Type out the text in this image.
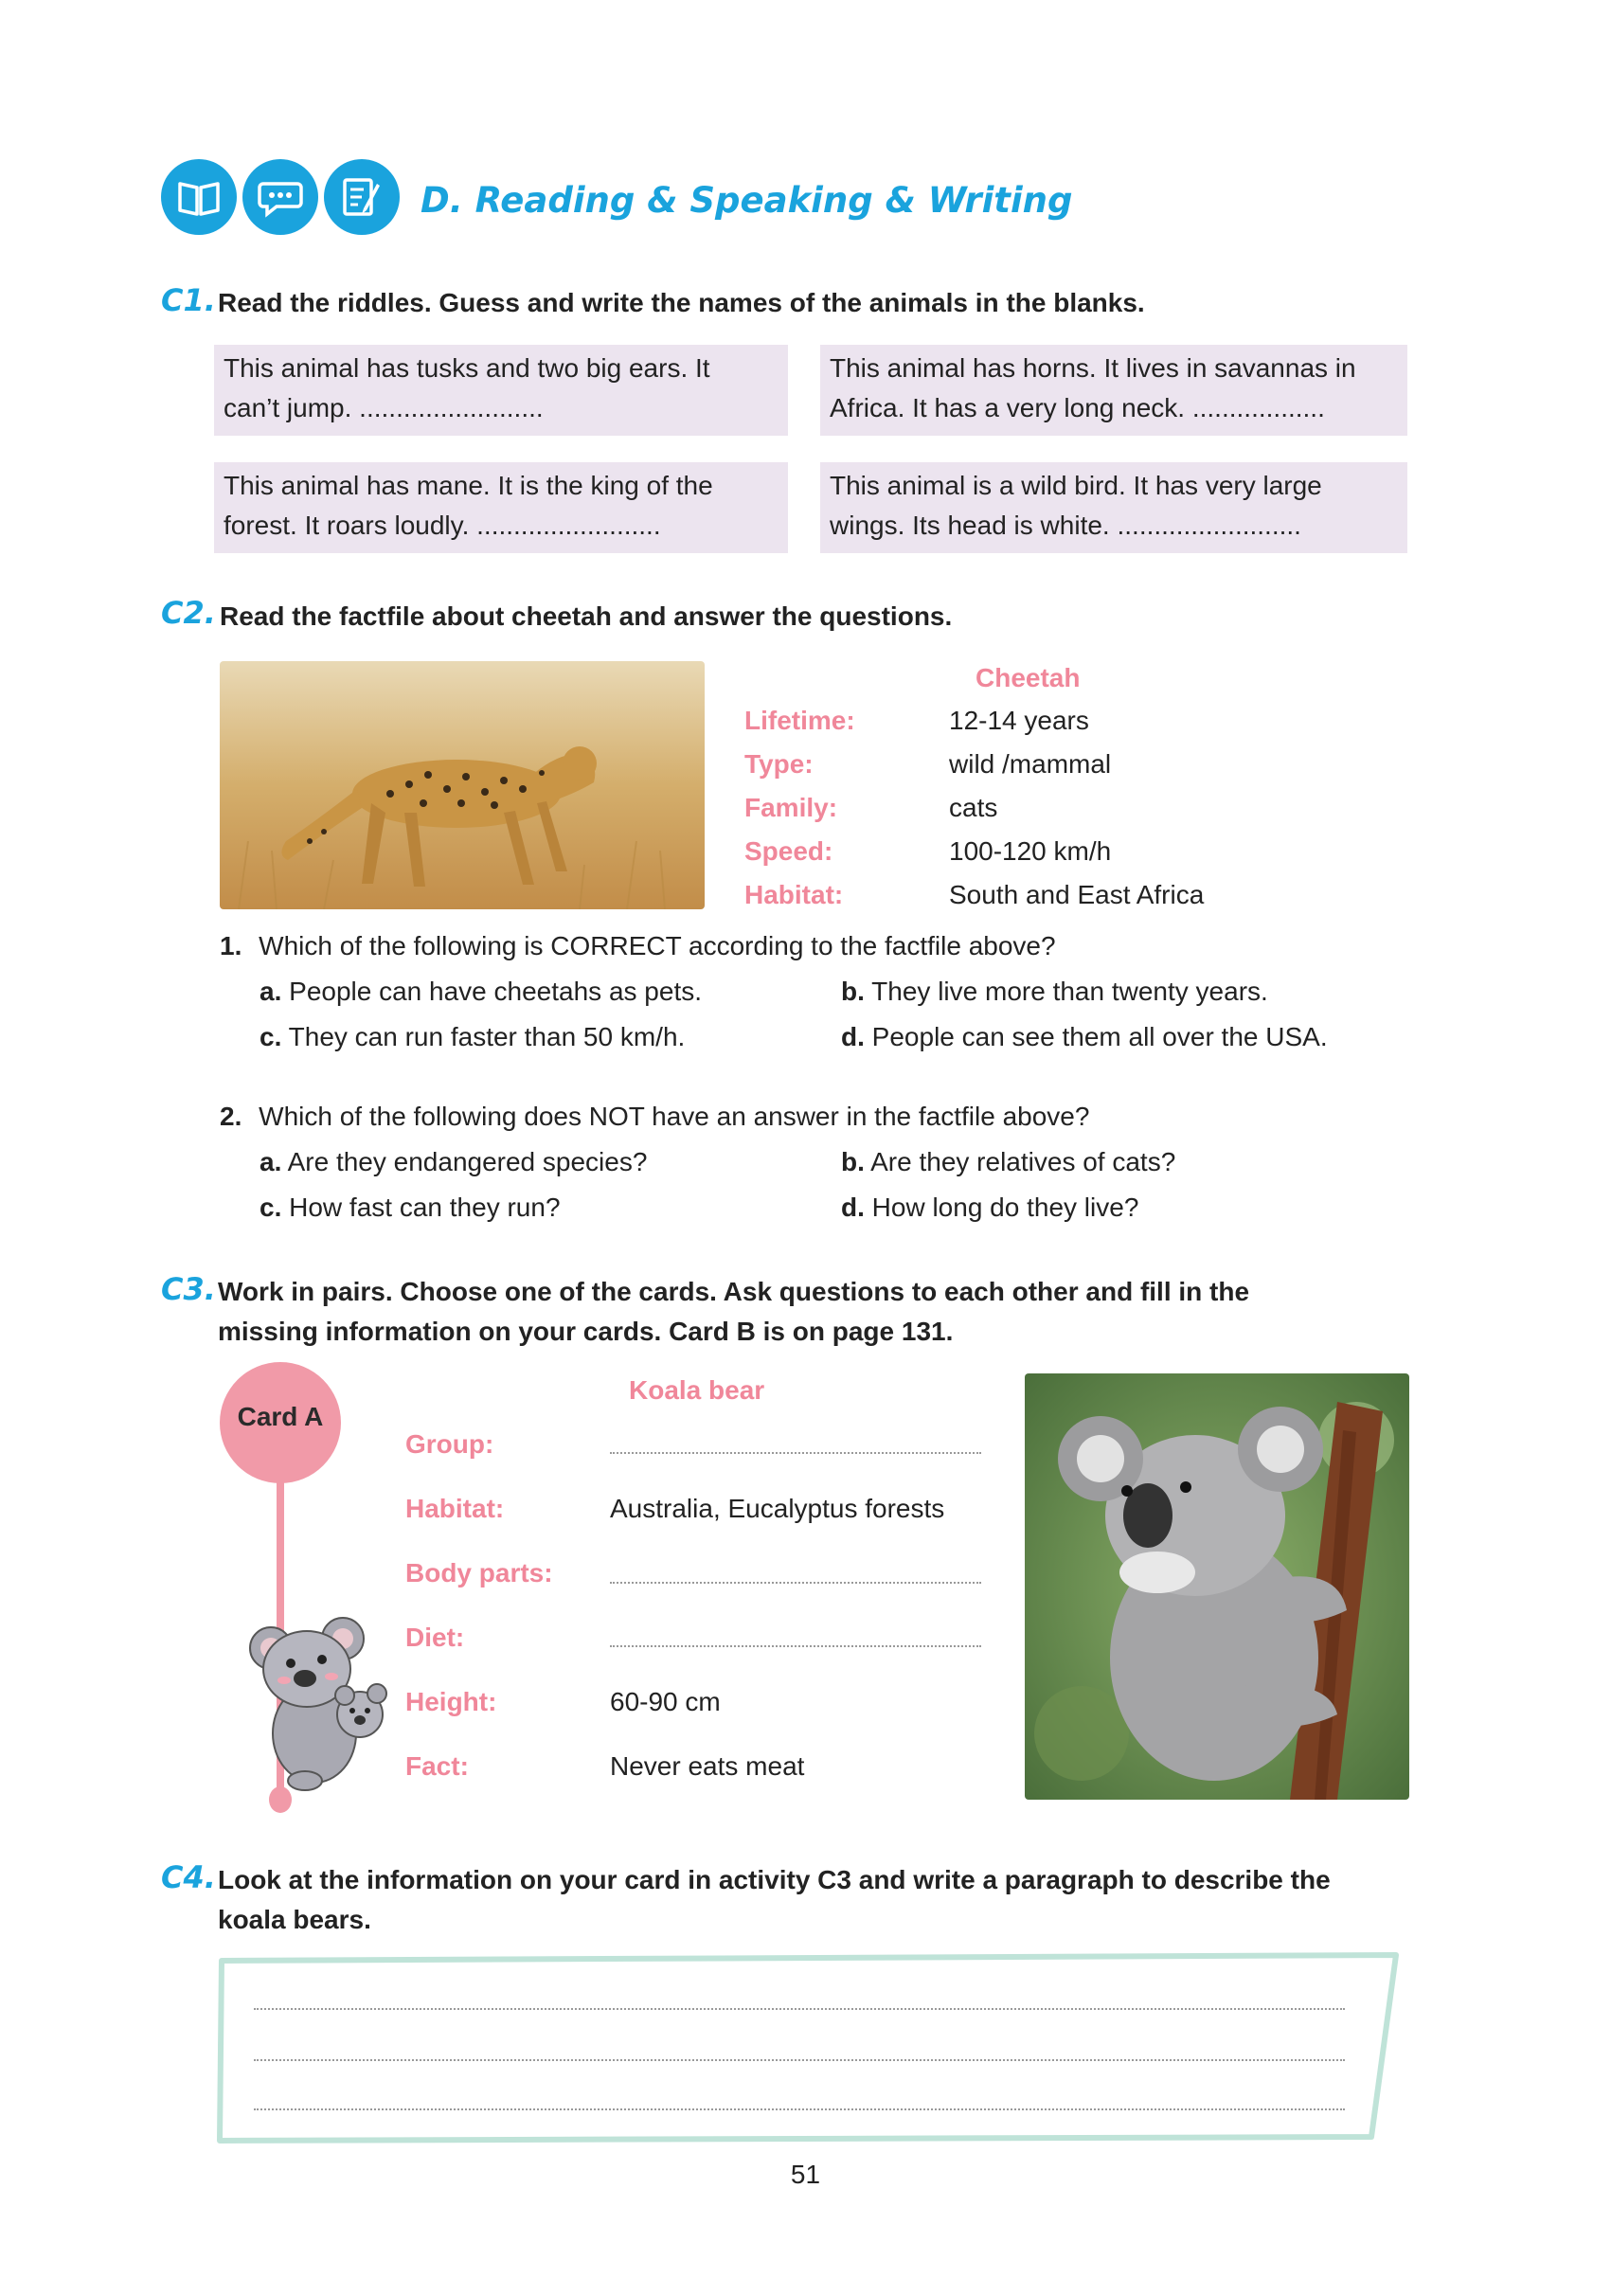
D. Reading & Speaking & Writing
C1. Read the riddles. Guess and write the names of the animals in the blanks.
This animal has tusks and two big ears. It
can’t jump. .........................
This animal has horns. It lives in savannas in
Africa. It has a very long neck. ..................
This animal has mane. It is the king of the
forest. It roars loudly. .........................
This animal is a wild bird. It has very large
wings. Its head is white. .........................
C2. Read the factfile about cheetah and answer the questions.
Cheetah
Lifetime:	12-14 years
Type:	wild /mammal
Family:	cats
Speed:	100-120 km/h
Habitat:	South and East Africa
1. Which of the following is CORRECT according to the factfile above?
a. People can have cheetahs as pets.	b. They live more than twenty years.
c. They can run faster than 50 km/h.	d. People can see them all over the USA.
2. Which of the following does NOT have an answer in the factfile above?
a. Are they endangered species?	b. Are they relatives of cats?
c. How fast can they run?	d. How long do they live?
C3. Work in pairs. Choose one of the cards. Ask questions to each other and fill in the
missing information on your cards. Card B is on page 131.
Card A
Koala bear
Group:
Habitat:	Australia, Eucalyptus forests
Body parts:
Diet:
Height:	60-90 cm
Fact:	Never eats meat
C4. Look at the information on your card in activity C3 and write a paragraph to describe the
koala bears.
51
